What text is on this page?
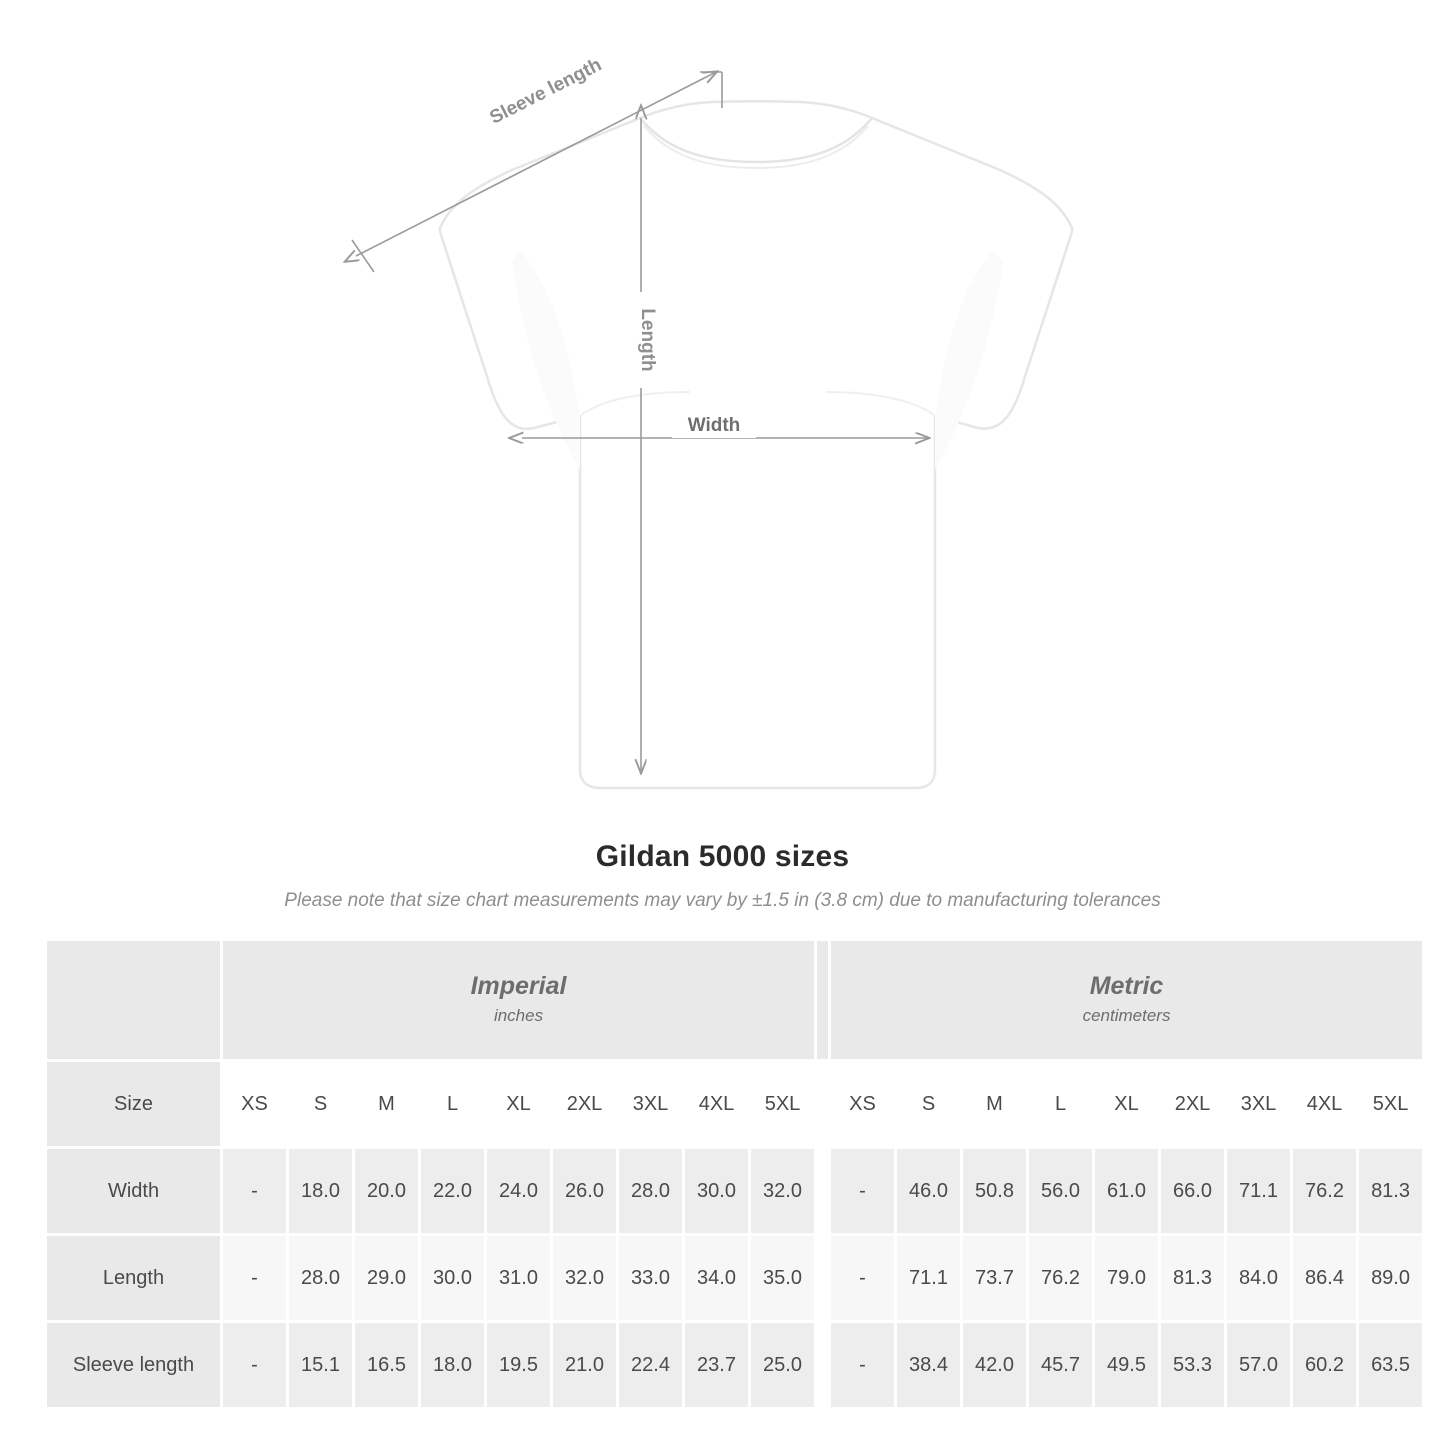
Length
Width
Sleeve length
Gildan 5000 sizes
Please note that size chart measurements may vary by ±1.5 in (3.8 cm) due to manufacturing tolerances

Imperial
inches

Metric
centimeters

Size	XS	S	M	L	XL	2XL	3XL	4XL	5XL		XS	S	M	L	XL	2XL	3XL	4XL	5XL
Width	-	18.0	20.0	22.0	24.0	26.0	28.0	30.0	32.0		-	46.0	50.8	56.0	61.0	66.0	71.1	76.2	81.3
Length	-	28.0	29.0	30.0	31.0	32.0	33.0	34.0	35.0		-	71.1	73.7	76.2	79.0	81.3	84.0	86.4	89.0
Sleeve length	-	15.1	16.5	18.0	19.5	21.0	22.4	23.7	25.0		-	38.4	42.0	45.7	49.5	53.3	57.0	60.2	63.5
